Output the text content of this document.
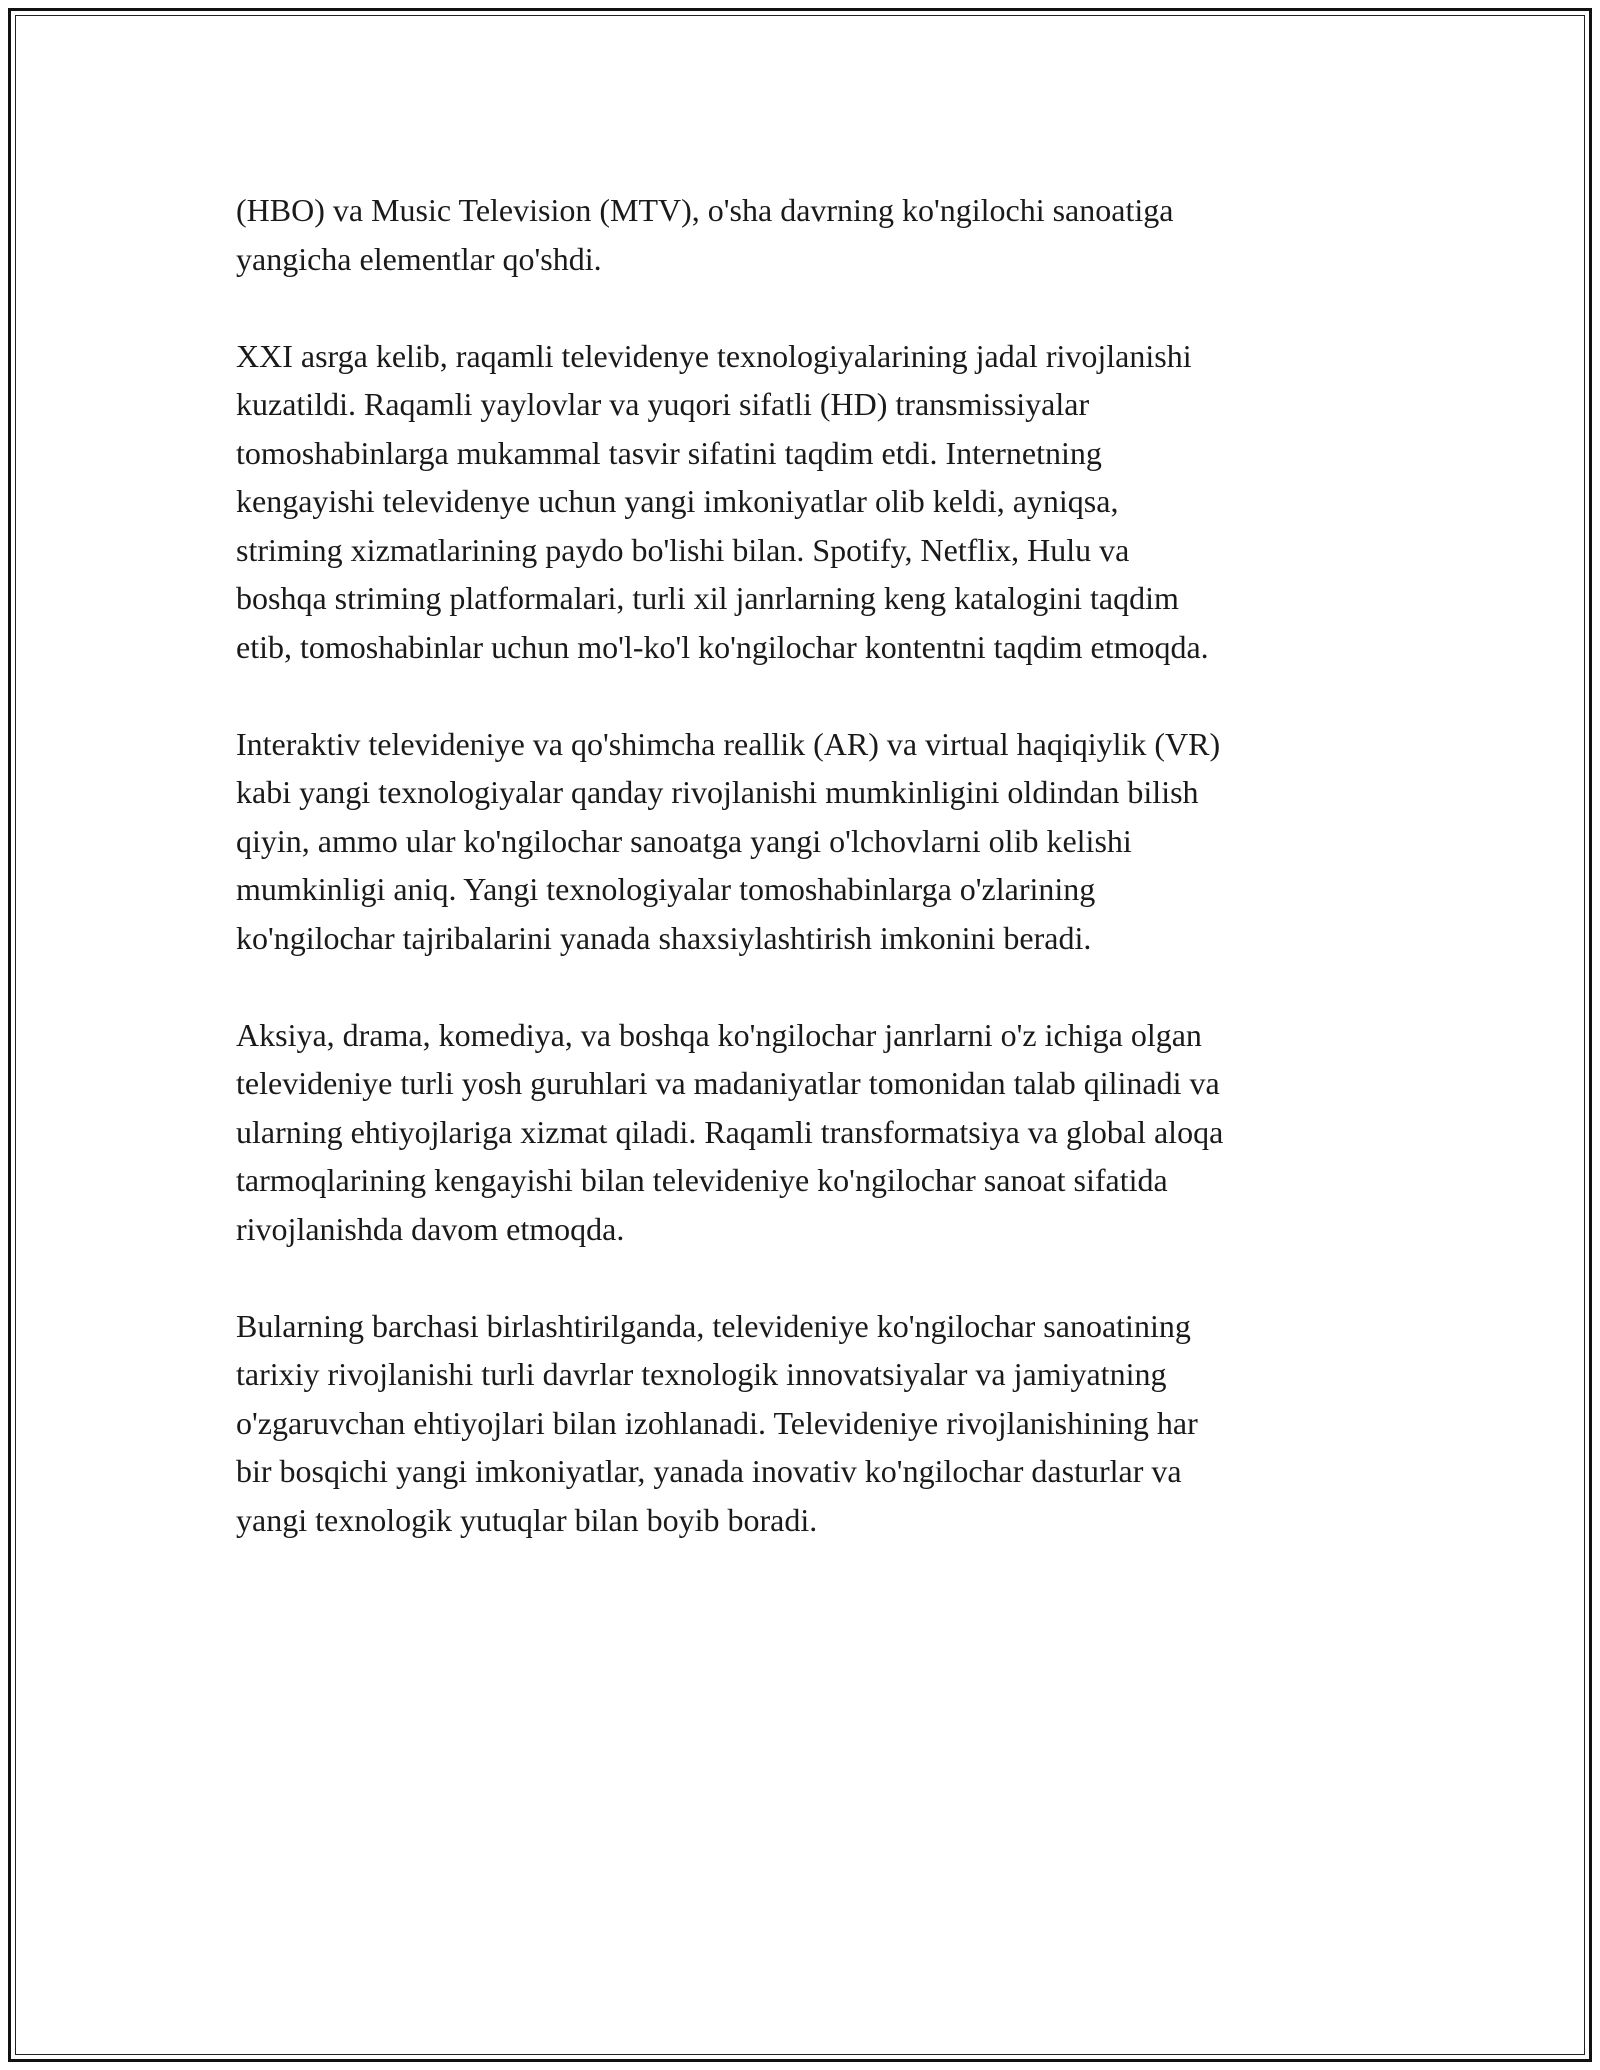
(HBO) va Music Television (MTV), o'sha davrning ko'ngilochi sanoatiga
yangicha elementlar qo'shdi.

XXI asrga kelib, raqamli televidenye texnologiyalarining jadal rivojlanishi
kuzatildi. Raqamli yaylovlar va yuqori sifatli (HD) transmissiyalar
tomoshabinlarga mukammal tasvir sifatini taqdim etdi. Internetning
kengayishi televidenye uchun yangi imkoniyatlar olib keldi, ayniqsa,
striming xizmatlarining paydo bo'lishi bilan. Spotify, Netflix, Hulu va
boshqa striming platformalari, turli xil janrlarning keng katalogini taqdim
etib, tomoshabinlar uchun mo'l-ko'l ko'ngilochar kontentni taqdim etmoqda.

Interaktiv televideniye va qo'shimcha reallik (AR) va virtual haqiqiylik (VR)
kabi yangi texnologiyalar qanday rivojlanishi mumkinligini oldindan bilish
qiyin, ammo ular ko'ngilochar sanoatga yangi o'lchovlarni olib kelishi
mumkinligi aniq. Yangi texnologiyalar tomoshabinlarga o'zlarining
ko'ngilochar tajribalarini yanada shaxsiylashtirish imkonini beradi.

Aksiya, drama, komediya, va boshqa ko'ngilochar janrlarni o'z ichiga olgan
televideniye turli yosh guruhlari va madaniyatlar tomonidan talab qilinadi va
ularning ehtiyojlariga xizmat qiladi. Raqamli transformatsiya va global aloqa
tarmoqlarining kengayishi bilan televideniye ko'ngilochar sanoat sifatida
rivojlanishda davom etmoqda.

Bularning barchasi birlashtirilganda, televideniye ko'ngilochar sanoatining
tarixiy rivojlanishi turli davrlar texnologik innovatsiyalar va jamiyatning
o'zgaruvchan ehtiyojlari bilan izohlanadi. Televideniye rivojlanishining har
bir bosqichi yangi imkoniyatlar, yanada inovativ ko'ngilochar dasturlar va
yangi texnologik yutuqlar bilan boyib boradi.
